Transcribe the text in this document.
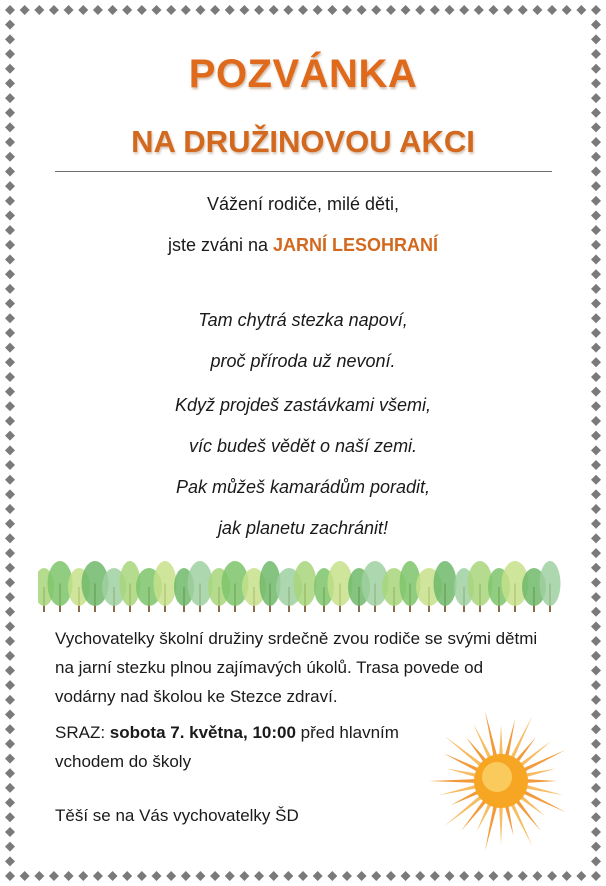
POZVÁNKA
NA DRUŽINOVOU AKCI
Vážení rodiče, milé děti,
jste zváni na JARNÍ LESOHRANÍ
Tam chytrá stezka napoví,
proč příroda už nevoní.
Když projdeš zastávkami všemi,
víc budeš vědět o naší zemi.
Pak můžeš kamarádům poradit,
jak planetu zachránit!
Vychovatelky školní družiny srdečně zvou rodiče se svými dětmi na jarní stezku plnou zajímavých úkolů. Trasa povede od vodárny nad školou ke Stezce zdraví.
SRAZ: sobota 7. května, 10:00 před hlavním vchodem do školy
Těší se na Vás vychovatelky ŠD
